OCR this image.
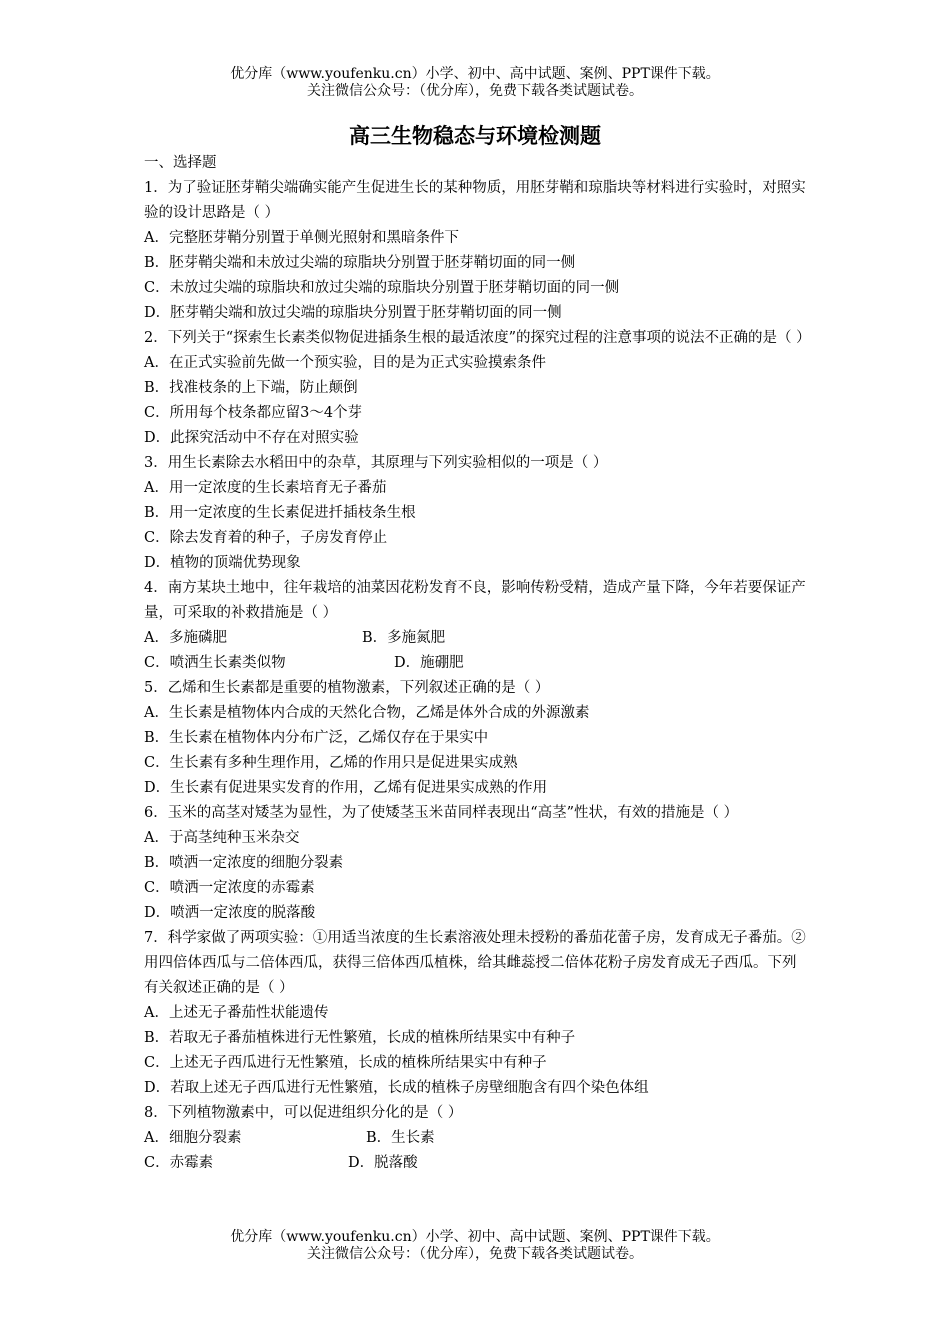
优分库（www.youfenku.cn）小学、初中、高中试题、案例、PPT课件下载。
关注微信公众号：（优分库），免费下载各类试题试卷。
高三生物稳态与环境检测题

一、选择题

1．为了验证胚芽鞘尖端确实能产生促进生长的某种物质，用胚芽鞘和琼脂块等材料进行实验时，对照实验的设计思路是（ ）

A．完整胚芽鞘分别置于单侧光照射和黑暗条件下

B．胚芽鞘尖端和未放过尖端的琼脂块分别置于胚芽鞘切面的同一侧

C．未放过尖端的琼脂块和放过尖端的琼脂块分别置于胚芽鞘切面的同一侧

D．胚芽鞘尖端和放过尖端的琼脂块分别置于胚芽鞘切面的同一侧

2．下列关于“探索生长素类似物促进插条生根的最适浓度”的探究过程的注意事项的说法不正确的是（ ）

A．在正式实验前先做一个预实验，目的是为正式实验摸索条件

B．找准枝条的上下端，防止颠倒

C．所用每个枝条都应留3～4个芽

D．此探究活动中不存在对照实验

3．用生长素除去水稻田中的杂草，其原理与下列实验相似的一项是（ ）

A．用一定浓度的生长素培育无子番茄

B．用一定浓度的生长素促进扦插枝条生根

C．除去发育着的种子，子房发育停止

D．植物的顶端优势现象

4．南方某块土地中，往年栽培的油菜因花粉发育不良，影响传粉受精，造成产量下降，今年若要保证产量，可采取的补救措施是（ ）

A．多施磷肥	B．多施氮肥
C．喷洒生长素类似物	D．施硼肥

5．乙烯和生长素都是重要的植物激素，下列叙述正确的是（ ）

A．生长素是植物体内合成的天然化合物，乙烯是体外合成的外源激素

B．生长素在植物体内分布广泛，乙烯仅存在于果实中

C．生长素有多种生理作用，乙烯的作用只是促进果实成熟

D．生长素有促进果实发育的作用，乙烯有促进果实成熟的作用

6．玉米的高茎对矮茎为显性，为了使矮茎玉米苗同样表现出“高茎”性状，有效的措施是（ ）

A．于高茎纯种玉米杂交

B．喷洒一定浓度的细胞分裂素

C．喷洒一定浓度的赤霉素

D．喷洒一定浓度的脱落酸

7．科学家做了两项实验：①用适当浓度的生长素溶液处理未授粉的番茄花蕾子房，发育成无子番茄。②用四倍体西瓜与二倍体西瓜，获得三倍体西瓜植株，给其雌蕊授二倍体花粉子房发育成无子西瓜。下列有关叙述正确的是（ ）

A．上述无子番茄性状能遗传

B．若取无子番茄植株进行无性繁殖，长成的植株所结果实中有种子

C．上述无子西瓜进行无性繁殖，长成的植株所结果实中有种子

D．若取上述无子西瓜进行无性繁殖，长成的植株子房壁细胞含有四个染色体组

8．下列植物激素中，可以促进组织分化的是（ ）

A．细胞分裂素	B．生长素
C．赤霉素	D．脱落酸
优分库（www.youfenku.cn）小学、初中、高中试题、案例、PPT课件下载。
关注微信公众号：（优分库），免费下载各类试题试卷。
